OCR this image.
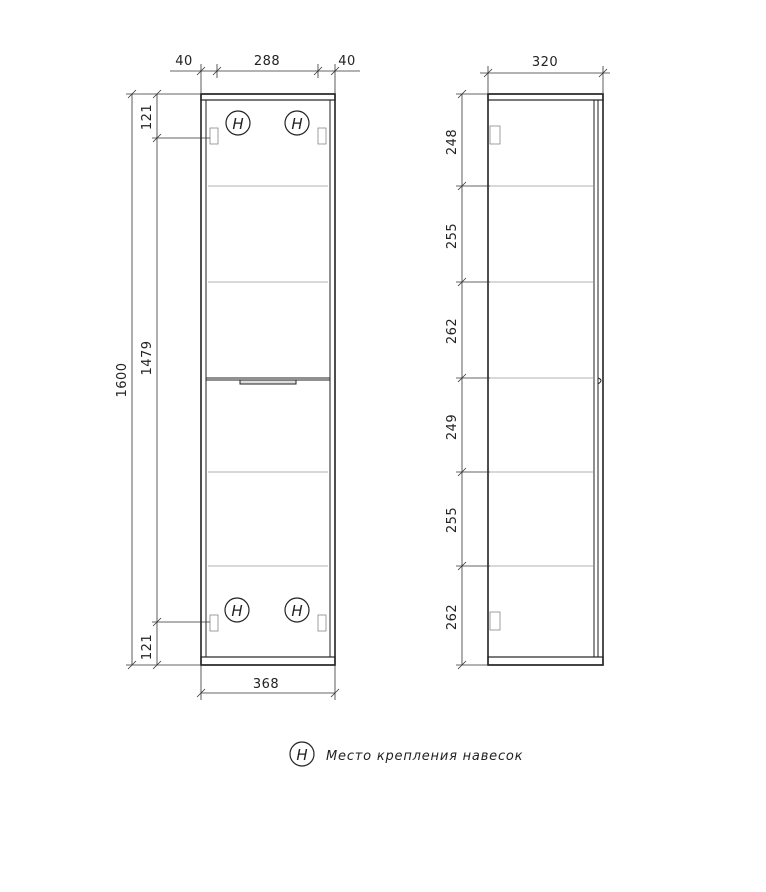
H	H
H	H
40	288	40
368
1600
1479
121
121
320
248
255
262
249
255
262
H Место крепления навесок
